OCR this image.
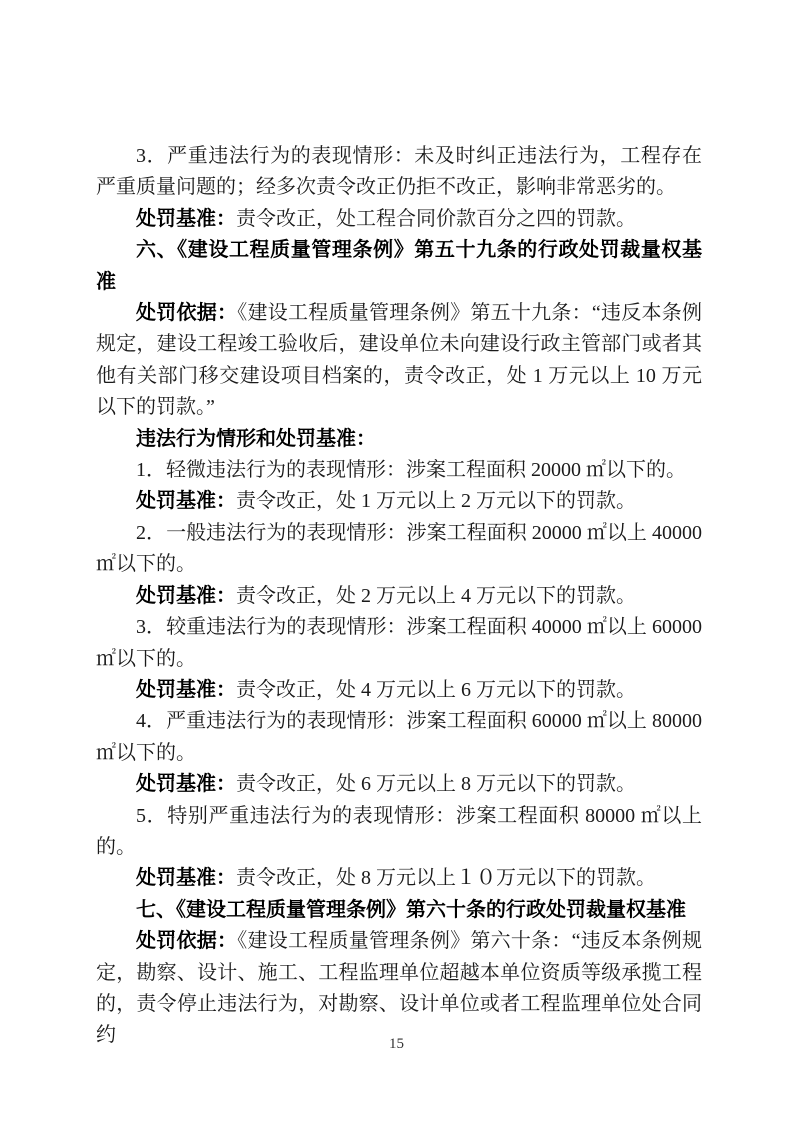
3．严重违法行为的表现情形：未及时纠正违法行为，工程存在严重质量问题的；经多次责令改正仍拒不改正，影响非常恶劣的。

处罚基准：责令改正，处工程合同价款百分之四的罚款。

六、《建设工程质量管理条例》第五十九条的行政处罚裁量权基准

处罚依据：《建设工程质量管理条例》第五十九条：“违反本条例规定，建设工程竣工验收后，建设单位未向建设行政主管部门或者其他有关部门移交建设项目档案的，责令改正，处 1 万元以上 10 万元以下的罚款。”

违法行为情形和处罚基准：

1．轻微违法行为的表现情形：涉案工程面积 20000 ㎡以下的。

处罚基准：责令改正，处 1 万元以上 2 万元以下的罚款。

2．一般违法行为的表现情形：涉案工程面积 20000 ㎡以上 40000 ㎡以下的。

处罚基准：责令改正，处 2 万元以上 4 万元以下的罚款。

3．较重违法行为的表现情形：涉案工程面积 40000 ㎡以上 60000 ㎡以下的。

处罚基准：责令改正，处 4 万元以上 6 万元以下的罚款。

4．严重违法行为的表现情形：涉案工程面积 60000 ㎡以上 80000 ㎡以下的。

处罚基准：责令改正，处 6 万元以上 8 万元以下的罚款。

5．特别严重违法行为的表现情形：涉案工程面积 80000 ㎡以上的。

处罚基准：责令改正，处 8 万元以上１０万元以下的罚款。

七、《建设工程质量管理条例》第六十条的行政处罚裁量权基准

处罚依据：《建设工程质量管理条例》第六十条：“违反本条例规定，勘察、设计、施工、工程监理单位超越本单位资质等级承揽工程的，责令停止违法行为，对勘察、设计单位或者工程监理单位处合同约	15
